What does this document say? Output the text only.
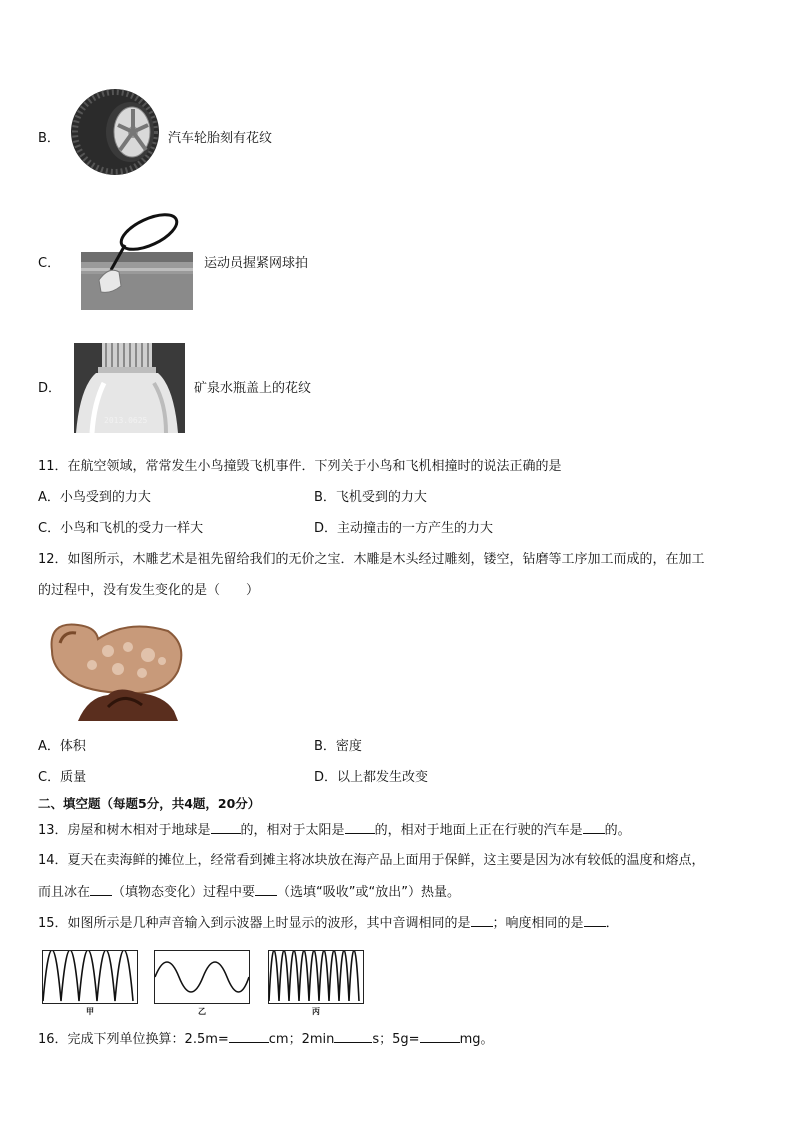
B．	汽车轮胎刻有花纹
C．	运动员握紧网球拍
D．
2013.0625
矿泉水瓶盖上的花纹
11．在航空领域，常常发生小鸟撞毁飞机事件．下列关于小鸟和飞机相撞时的说法正确的是
A．小鸟受到的力大	B．飞机受到的力大
C．小鸟和飞机的受力一样大	D．主动撞击的一方产生的力大
12．如图所示，木雕艺术是祖先留给我们的无价之宝．木雕是木头经过雕刻，镂空，钻磨等工序加工而成的，在加工
的过程中，没有发生变化的是（　　）
A．体积	B．密度
C．质量	D．以上都发生改变
二、填空题（每题5分，共4题，20分）
13．房屋和树木相对于地球是 的，相对于太阳是 的，相对于地面上正在行驶的汽车是 的。
14．夏天在卖海鲜的摊位上，经常看到摊主将冰块放在海产品上面用于保鲜，这主要是因为冰有较低的温度和熔点，
而且冰在 （填物态变化）过程中要 （选填“吸收”或“放出”）热量。
15．如图所示是几种声音输入到示波器上时显示的波形，其中音调相同的是 ；响度相同的是 ．
甲	乙	丙
16．完成下列单位换算：2.5m=	cm；2min	s；5g=	mg。
